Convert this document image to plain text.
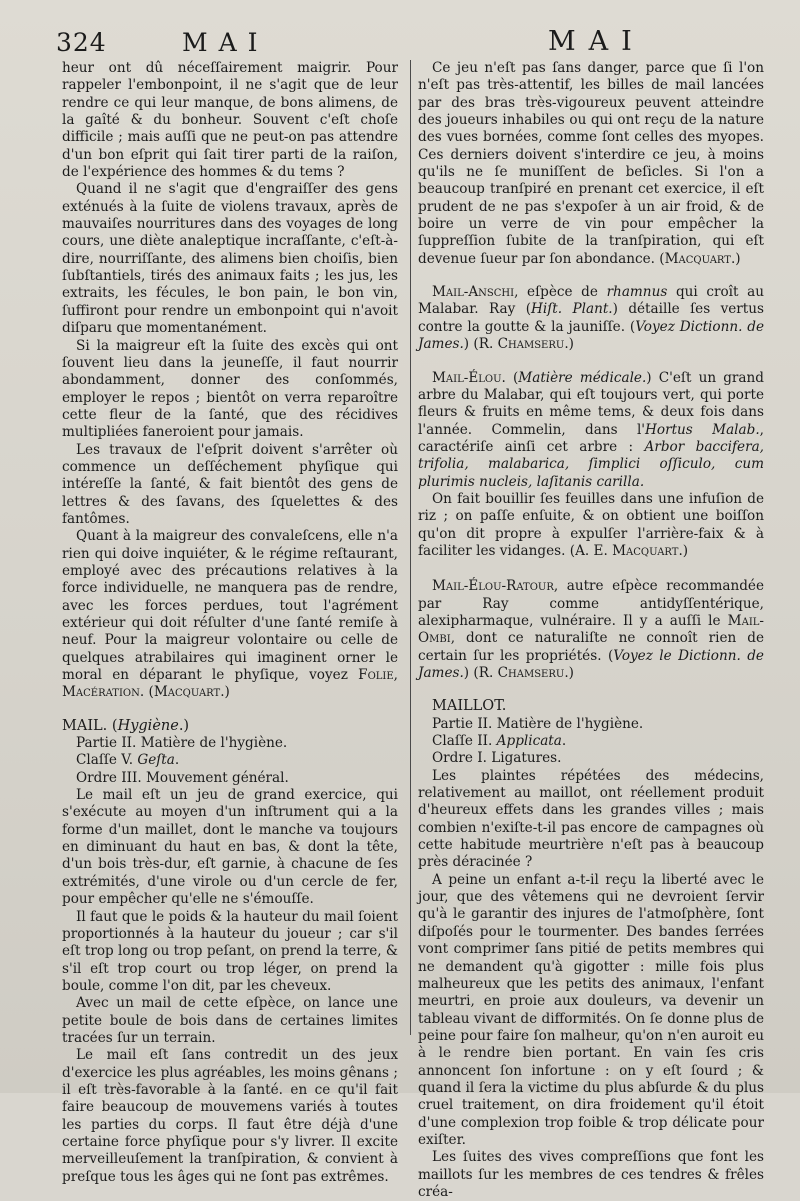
324	MAI	MAI

heur ont dû néceſſairement maigrir. Pour rappeler l'embonpoint, il ne s'agit que de leur rendre ce qui leur manque, de bons alimens, de la gaîté & du bonheur. Souvent c'eſt choſe difficile ; mais auſſi que ne peut-on pas attendre d'un bon eſprit qui ſait tirer parti de la raiſon, de l'expérience des hommes & du tems ?

Quand il ne s'agit que d'engraiſſer des gens exténués à la ſuite de violens travaux, après de mauvaiſes nourritures dans des voyages de long cours, une diète analeptique incraſſante, c'eſt-à-dire, nourriſſante, des alimens bien choiſis, bien ſubſtantiels, tirés des animaux faits ; les jus, les extraits, les fécules, le bon pain, le bon vin, ſuffiront pour rendre un embonpoint qui n'avoit diſparu que momentanément.

Si la maigreur eſt la ſuite des excès qui ont ſouvent lieu dans la jeuneſſe, il faut nourrir abondamment, donner des conſommés, employer le repos ; bientôt on verra reparoître cette fleur de la ſanté, que des récidives multipliées faneroient pour jamais.

Les travaux de l'eſprit doivent s'arrêter où commence un deſſéchement phyſique qui intéreſſe la ſanté, & fait bientôt des gens de lettres & des ſavans, des ſquelettes & des fantômes.

Quant à la maigreur des convaleſcens, elle n'a rien qui doive inquiéter, & le régime reſtaurant, employé avec des précautions relatives à la force individuelle, ne manquera pas de rendre, avec les forces perdues, tout l'agrément extérieur qui doit réſulter d'une ſanté remiſe à neuf. Pour la maigreur volontaire ou celle de quelques atrabilaires qui imaginent orner le moral en déparant le phyſique, voyez Folie, Macération. (Macquart.)

MAIL. (Hygiène.)

Partie II. Matière de l'hygiène.

Claſſe V. Geſta.

Ordre III. Mouvement général.

Le mail eſt un jeu de grand exercice, qui s'exécute au moyen d'un inſtrument qui a la forme d'un maillet, dont le manche va toujours en diminuant du haut en bas, & dont la tête, d'un bois très-dur, eſt garnie, à chacune de ſes extrémités, d'une virole ou d'un cercle de fer, pour empêcher qu'elle ne s'émouſſe.

Il faut que le poids & la hauteur du mail ſoient proportionnés à la hauteur du joueur ; car s'il eſt trop long ou trop peſant, on prend la terre, & s'il eſt trop court ou trop léger, on prend la boule, comme l'on dit, par les cheveux.

Avec un mail de cette eſpèce, on lance une petite boule de bois dans de certaines limites tracées ſur un terrain.

Le mail eſt ſans contredit un des jeux d'exercice les plus agréables, les moins gênans ; il eſt très-favorable à la ſanté. en ce qu'il fait faire beaucoup de mouvemens variés à toutes les parties du corps. Il faut être déjà d'une certaine force phyſique pour s'y livrer. Il excite merveilleuſement la tranſpiration, & convient à preſque tous les âges qui ne ſont pas extrêmes.

Ce jeu n'eſt pas ſans danger, parce que ſi l'on n'eſt pas très-attentif, les billes de mail lancées par des bras très-vigoureux peuvent atteindre des joueurs inhabiles ou qui ont reçu de la nature des vues bornées, comme ſont celles des myopes. Ces derniers doivent s'interdire ce jeu, à moins qu'ils ne ſe muniſſent de beſicles. Si l'on a beaucoup tranſpiré en prenant cet exercice, il eſt prudent de ne pas s'expoſer à un air froid, & de boire un verre de vin pour empêcher la ſuppreſſion ſubite de la tranſpiration, qui eſt devenue ſueur par ſon abondance. (Macquart.)

Mail-Anschi, eſpèce de rhamnus qui croît au Malabar. Ray (Hiſt. Plant.) détaille ſes vertus contre la goutte & la jauniſſe. (Voyez Dictionn. de James.) (R. Chamseru.)

Mail-Élou. (Matière médicale.) C'eſt un grand arbre du Malabar, qui eſt toujours vert, qui porte fleurs & fruits en même tems, & deux fois dans l'année. Commelin, dans l'Hortus Malab., caractériſe ainſi cet arbre : Arbor baccifera, trifolia, malabarica, ſimplici oſſiculo, cum plurimis nucleis, laſitanis carilla.

On fait bouillir ſes feuilles dans une infuſion de riz ; on paſſe enſuite, & on obtient une boiſſon qu'on dit propre à expulſer l'arrière-faix & à faciliter les vidanges. (A. E. Macquart.)

Mail-Élou-Ratour, autre eſpèce recommandée par Ray comme antidyſſentérique, alexipharmaque, vulnéraire. Il y a auſſi le Mail-Ombi, dont ce naturaliſte ne connoît rien de certain ſur les propriétés. (Voyez le Dictionn. de James.) (R. Chamseru.)

MAILLOT.

Partie II. Matière de l'hygiène.

Claſſe II. Applicata.

Ordre I. Ligatures.

Les plaintes répétées des médecins, relativement au maillot, ont réellement produit d'heureux effets dans les grandes villes ; mais combien n'exiſte-t-il pas encore de campagnes où cette habitude meurtrière n'eſt pas à beaucoup près déracinée ?

A peine un enfant a-t-il reçu la liberté avec le jour, que des vêtemens qui ne devroient ſervir qu'à le garantir des injures de l'atmoſphère, ſont diſpoſés pour le tourmenter. Des bandes ſerrées vont comprimer ſans pitié de petits membres qui ne demandent qu'à gigotter : mille fois plus malheureux que les petits des animaux, l'enfant meurtri, en proie aux douleurs, va devenir un tableau vivant de difformités. On ſe donne plus de peine pour faire ſon malheur, qu'on n'en auroit eu à le rendre bien portant. En vain ſes cris annoncent ſon infortune : on y eſt ſourd ; & quand il ſera la victime du plus abſurde & du plus cruel traitement, on dira froidement qu'il étoit d'une complexion trop foible & trop délicate pour exiſter.

Les ſuites des vives compreſſions que font les maillots ſur les membres de ces tendres & frêles créa-
